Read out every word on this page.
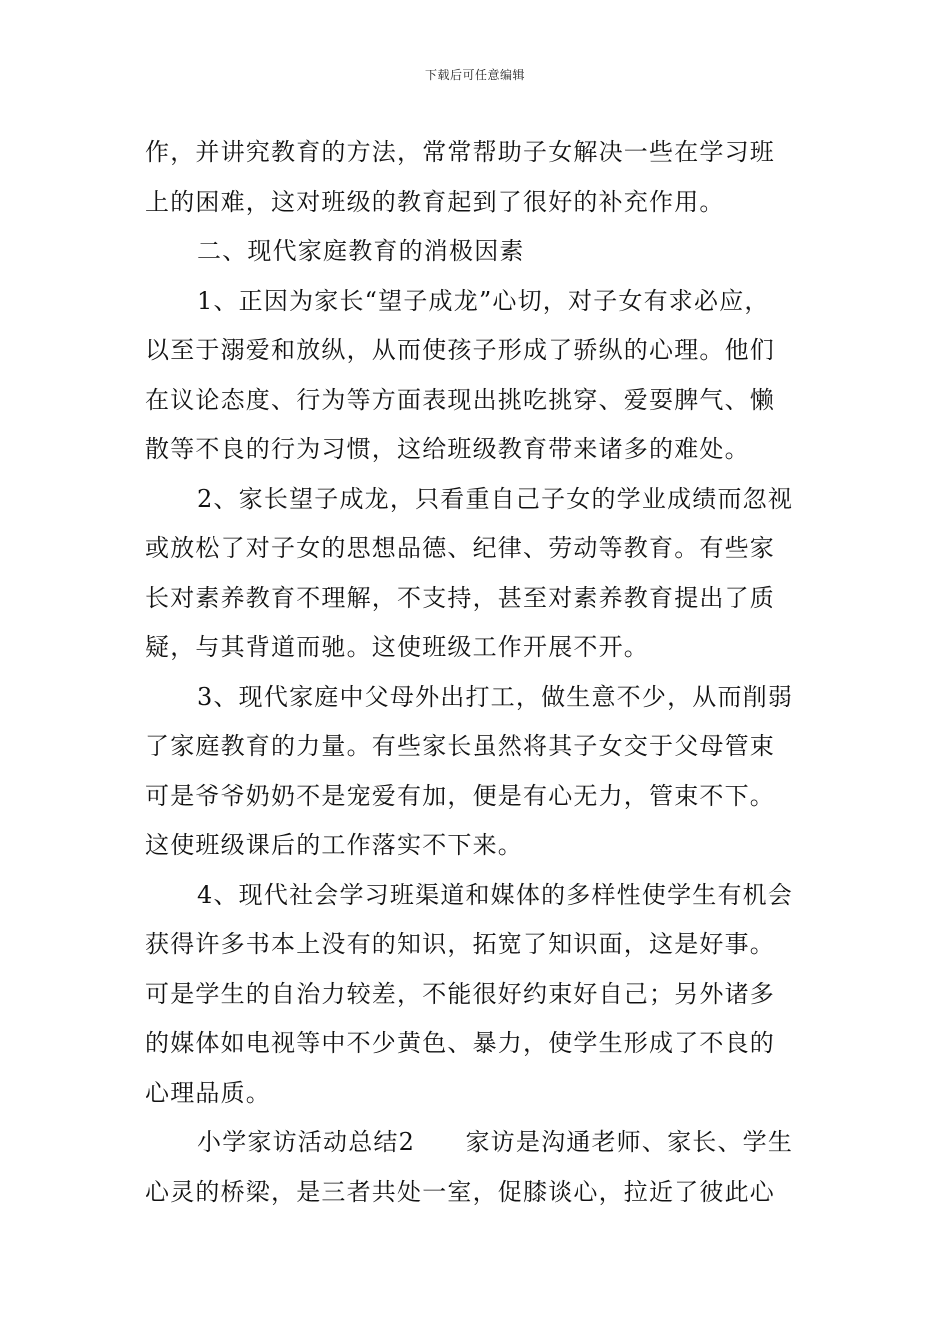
下载后可任意编辑
作，并讲究教育的方法，常常帮助子女解决一些在学习班
上的困难，这对班级的教育起到了很好的补充作用。
二、现代家庭教育的消极因素
1、正因为家长“望子成龙”心切，对子女有求必应，
以至于溺爱和放纵，从而使孩子形成了骄纵的心理。他们
在议论态度、行为等方面表现出挑吃挑穿、爱耍脾气、懒
散等不良的行为习惯，这给班级教育带来诸多的难处。
2、家长望子成龙，只看重自己子女的学业成绩而忽视
或放松了对子女的思想品德、纪律、劳动等教育。有些家
长对素养教育不理解，不支持，甚至对素养教育提出了质
疑，与其背道而驰。这使班级工作开展不开。
3、现代家庭中父母外出打工，做生意不少，从而削弱
了家庭教育的力量。有些家长虽然将其子女交于父母管束
可是爷爷奶奶不是宠爱有加，便是有心无力，管束不下。
这使班级课后的工作落实不下来。
4、现代社会学习班渠道和媒体的多样性使学生有机会
获得许多书本上没有的知识，拓宽了知识面，这是好事。
可是学生的自治力较差，不能很好约束好自己；另外诸多
的媒体如电视等中不少黄色、暴力，使学生形成了不良的
心理品质。
小学家访活动总结2　　家访是沟通老师、家长、学生
心灵的桥梁，是三者共处一室，促膝谈心，拉近了彼此心
